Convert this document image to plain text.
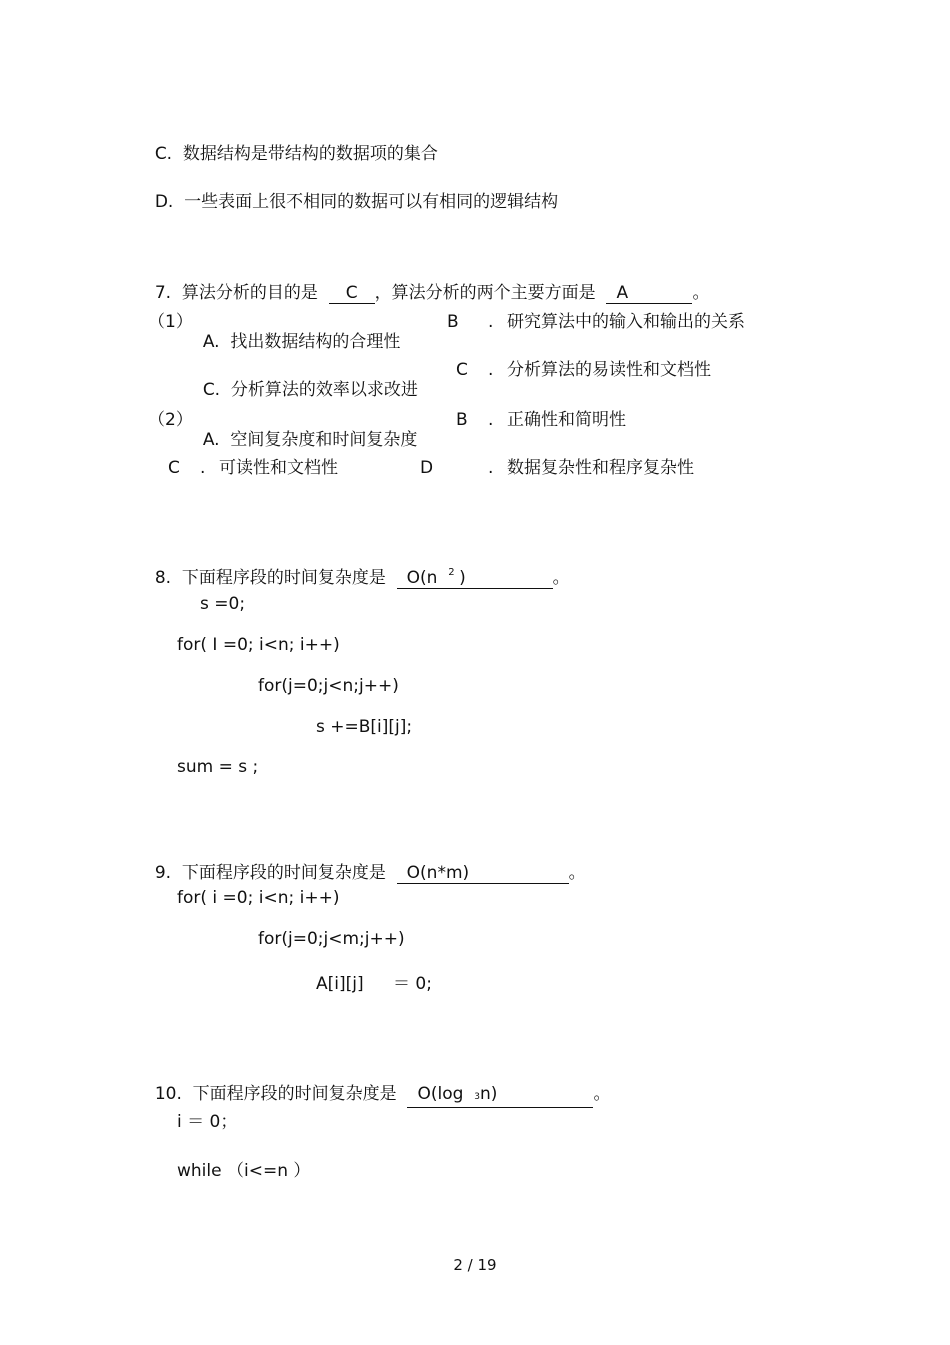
C. 数据结构是带结构的数据项的集合

D. 一些表面上很不相同的数据可以有相同的逻辑结构

7. 算法分析的目的是 C ，算法分析的两个主要方面是 A	。

（1）

A. 找出数据结构的合理性

B . 研究算法中的输入和输出的关系

C. 分析算法的效率以求改进

C . 分析算法的易读性和文档性
（2）

A. 空间复杂度和时间复杂度

B . 正确性和简明性
C . 可读性和文档性	D	. 数据复杂性和程序复杂性

8. 下面程序段的时间复杂度是 O(n 2 )	。

s =0;
for( I =0; i<n; i++)
for(j=0;j<n;j++)
s +=B[i][j];
sum = s ;

9. 下面程序段的时间复杂度是 O(n*m)	。

for( i =0; i<n; i++)
for(j=0;j<m;j++)
A[i][j] ＝ 0;

10. 下面程序段的时间复杂度是 O(log 3n)	。

i ＝ 0；
while （i<=n ）
2 / 19
